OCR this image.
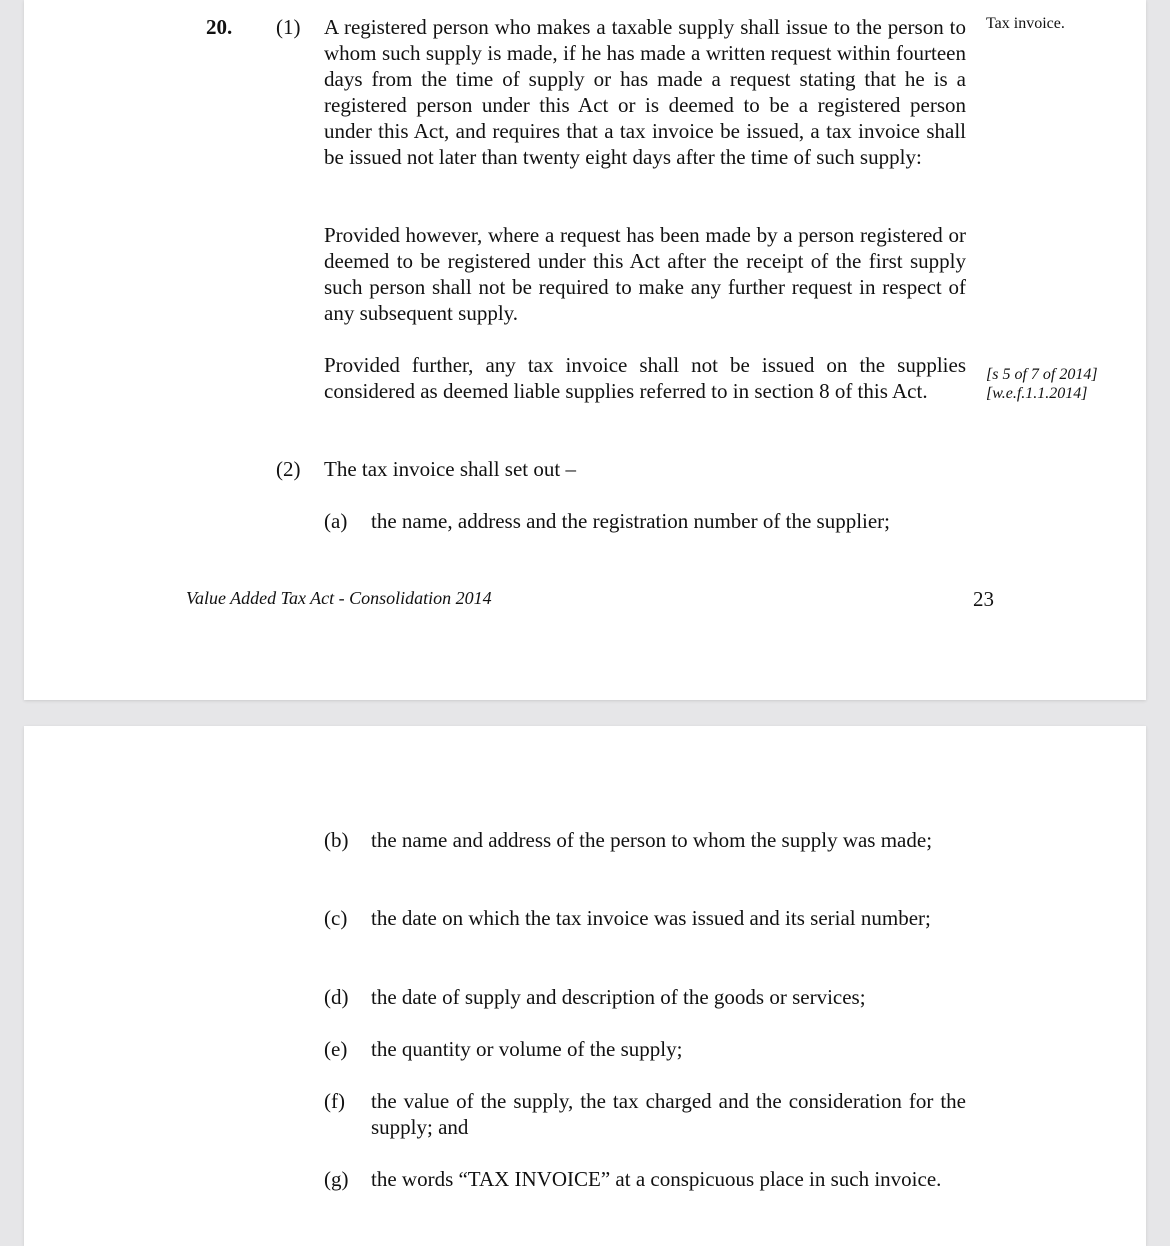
20. (1) A registered person who makes a taxable supply shall issue to the person to whom such supply is made, if he has made a written request within fourteen days from the time of supply or has made a request stating that he is a registered person under this Act or is deemed to be a registered person under this Act, and requires that a tax invoice be issued, a tax invoice shall be issued not later than twenty eight days after the time of such supply:
Tax invoice.
Provided however, where a request has been made by a person registered or deemed to be registered under this Act after the receipt of the first supply such person shall not be required to make any further request in respect of any subsequent supply.
Provided further, any tax invoice shall not be issued on the supplies considered as deemed liable supplies referred to in section 8 of this Act.
[s 5 of 7 of 2014]
[w.e.f.1.1.2014]
(2) The tax invoice shall set out –
(a) the name, address and the registration number of the supplier;
Value Added Tax Act - Consolidation 2014	23
(b) the name and address of the person to whom the supply was made;
(c) the date on which the tax invoice was issued and its serial number;
(d) the date of supply and description of the goods or services;
(e) the quantity or volume of the supply;
(f) the value of the supply, the tax charged and the consideration for the supply; and
(g) the words “TAX INVOICE” at a conspicuous place in such invoice.
